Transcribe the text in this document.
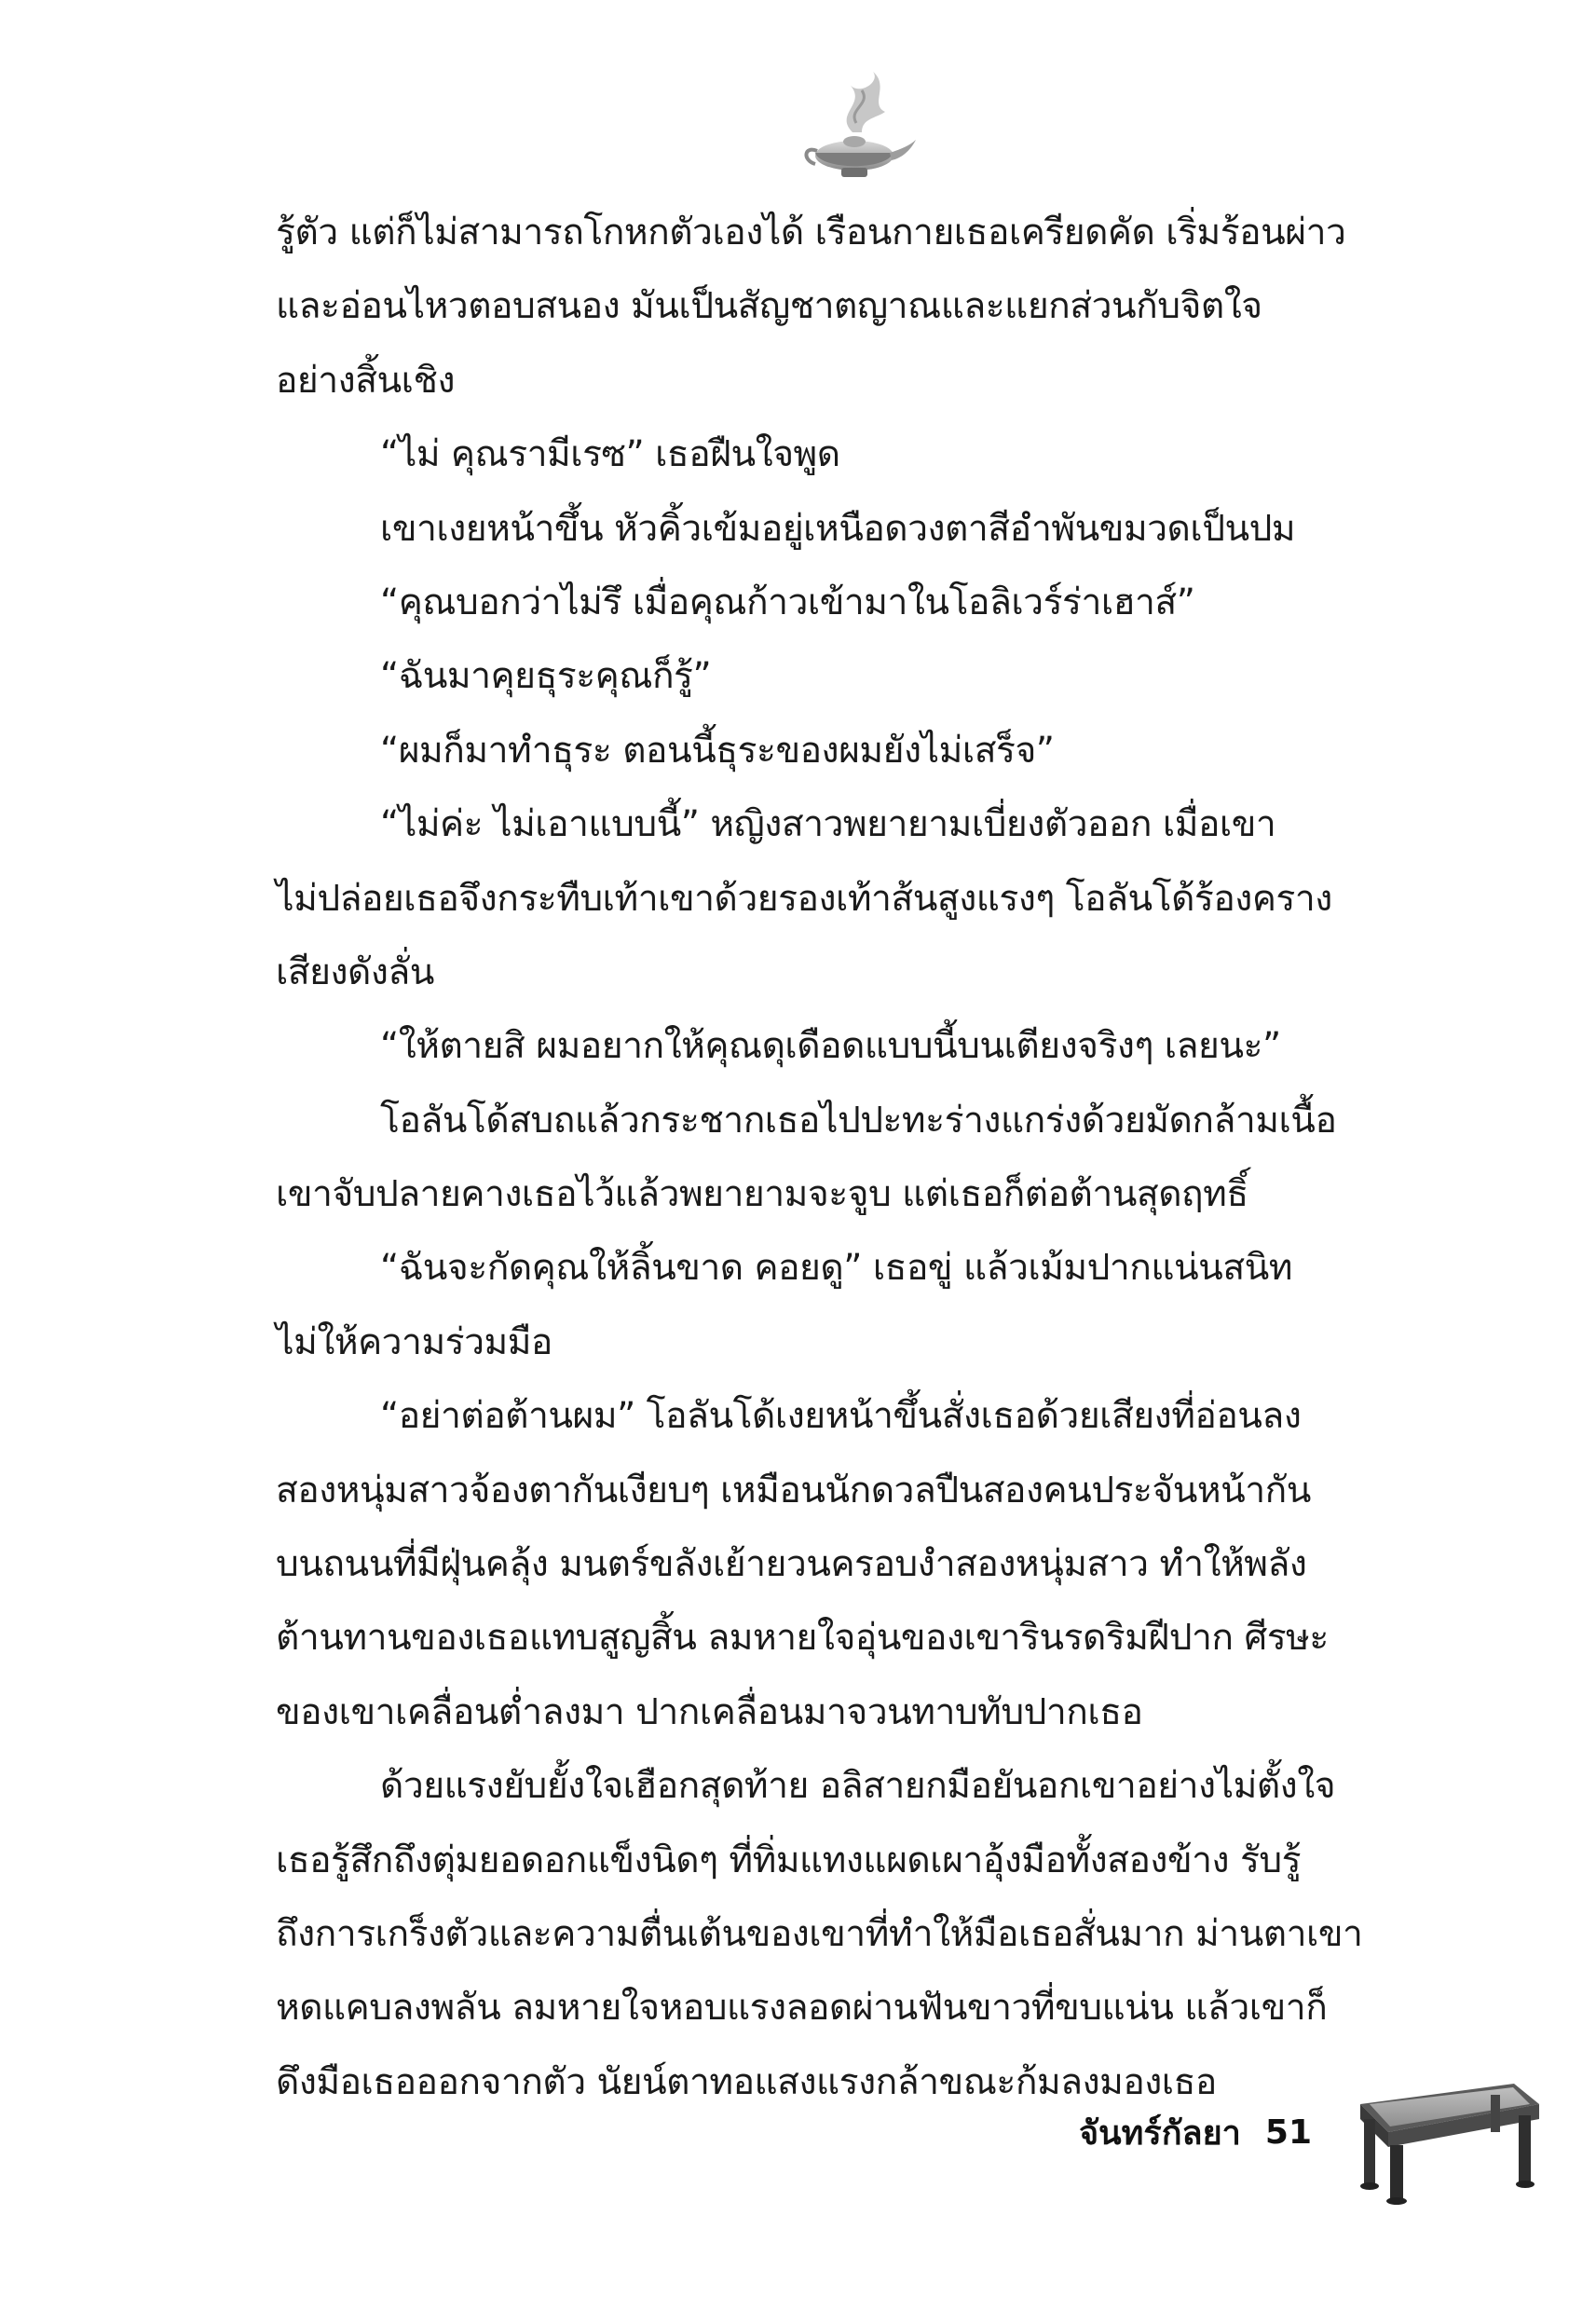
รู้ตัว แต่ก็ไม่สามารถโกหกตัวเองได้ เรือนกายเธอเครียดคัด เริ่มร้อนผ่าว
และอ่อนไหวตอบสนอง มันเป็นสัญชาตญาณและแยกส่วนกับจิตใจ
อย่างสิ้นเชิง
“ไม่ คุณรามีเรซ” เธอฝืนใจพูด
เขาเงยหน้าขึ้น หัวคิ้วเข้มอยู่เหนือดวงตาสีอำพันขมวดเป็นปม
“คุณบอกว่าไม่รึ เมื่อคุณก้าวเข้ามาในโอลิเวร์ร่าเฮาส์”
“ฉันมาคุยธุระคุณก็รู้”
“ผมก็มาทำธุระ ตอนนี้ธุระของผมยังไม่เสร็จ”
“ไม่ค่ะ ไม่เอาแบบนี้” หญิงสาวพยายามเบี่ยงตัวออก เมื่อเขา
ไม่ปล่อยเธอจึงกระทืบเท้าเขาด้วยรองเท้าส้นสูงแรงๆ โอลันโด้ร้องคราง
เสียงดังลั่น
“ให้ตายสิ ผมอยากให้คุณดุเดือดแบบนี้บนเตียงจริงๆ เลยนะ”
โอลันโด้สบถแล้วกระชากเธอไปปะทะร่างแกร่งด้วยมัดกล้ามเนื้อ
เขาจับปลายคางเธอไว้แล้วพยายามจะจูบ แต่เธอก็ต่อต้านสุดฤทธิ์
“ฉันจะกัดคุณให้ลิ้นขาด คอยดู” เธอขู่ แล้วเม้มปากแน่นสนิท
ไม่ให้ความร่วมมือ
“อย่าต่อต้านผม” โอลันโด้เงยหน้าขึ้นสั่งเธอด้วยเสียงที่อ่อนลง
สองหนุ่มสาวจ้องตากันเงียบๆ เหมือนนักดวลปืนสองคนประจันหน้ากัน
บนถนนที่มีฝุ่นคลุ้ง มนตร์ขลังเย้ายวนครอบงำสองหนุ่มสาว ทำให้พลัง
ต้านทานของเธอแทบสูญสิ้น ลมหายใจอุ่นของเขารินรดริมฝีปาก ศีรษะ
ของเขาเคลื่อนต่ำลงมา ปากเคลื่อนมาจวนทาบทับปากเธอ
ด้วยแรงยับยั้งใจเฮือกสุดท้าย อลิสายกมือยันอกเขาอย่างไม่ตั้งใจ
เธอรู้สึกถึงตุ่มยอดอกแข็งนิดๆ ที่ทิ่มแทงแผดเผาอุ้งมือทั้งสองข้าง รับรู้
ถึงการเกร็งตัวและความตื่นเต้นของเขาที่ทำให้มือเธอสั่นมาก ม่านตาเขา
หดแคบลงพลัน ลมหายใจหอบแรงลอดผ่านฟันขาวที่ขบแน่น แล้วเขาก็
ดึงมือเธอออกจากตัว นัยน์ตาทอแสงแรงกล้าขณะก้มลงมองเธอ
จันทร์กัลยา 51
